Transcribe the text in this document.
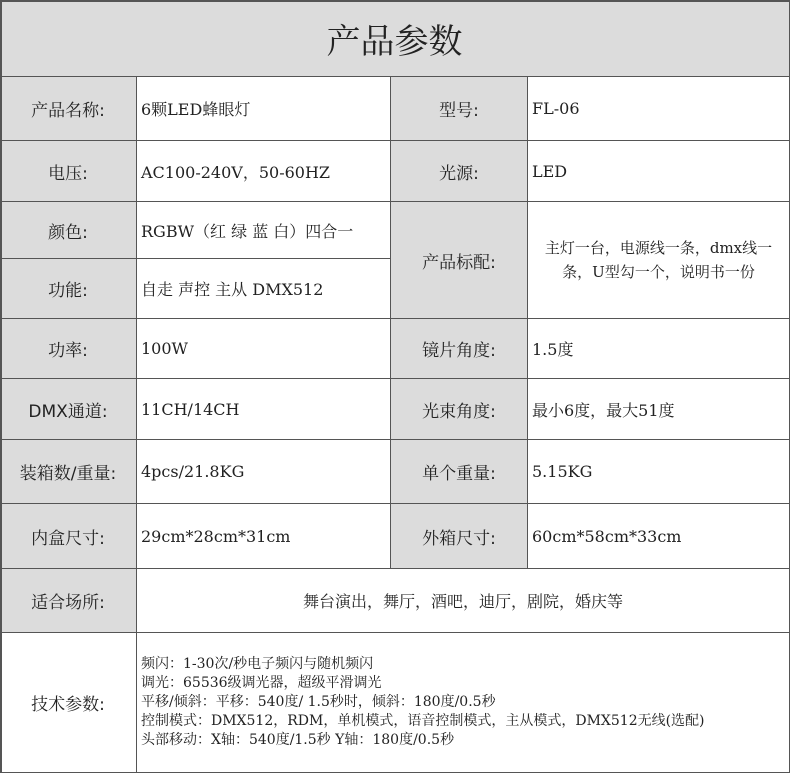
产品参数
产品名称: 6颗LED蜂眼灯	型号:	FL-06
电压:	AC100-240V，50-60HZ	光源:	LED
颜色:	RGBW（红 绿 蓝 白）四合一
功能:	自走 声控 主从 DMX512
产品标配:
主灯一台，电源线一条，dmx线一条，U型勾一个，说明书一份
功率:	100W	镜片角度: 1.5度
DMX通道: 11CH/14CH	光束角度: 最小6度，最大51度
装箱数/重量: 4pcs/21.8KG	单个重量: 5.15KG
内盒尺寸: 29cm*28cm*31cm	外箱尺寸: 60cm*58cm*33cm
适合场所:	舞台演出，舞厅，酒吧，迪厅，剧院，婚庆等
技术参数:
频闪：1-30次/秒电子频闪与随机频闪
调光：65536级调光器，超级平滑调光
平移/倾斜：平移：540度/ 1.5秒时，倾斜：180度/0.5秒
控制模式：DMX512，RDM，单机模式，语音控制模式，主从模式，DMX512无线(选配)
头部移动：X轴：540度/1.5秒 Y轴：180度/0.5秒
